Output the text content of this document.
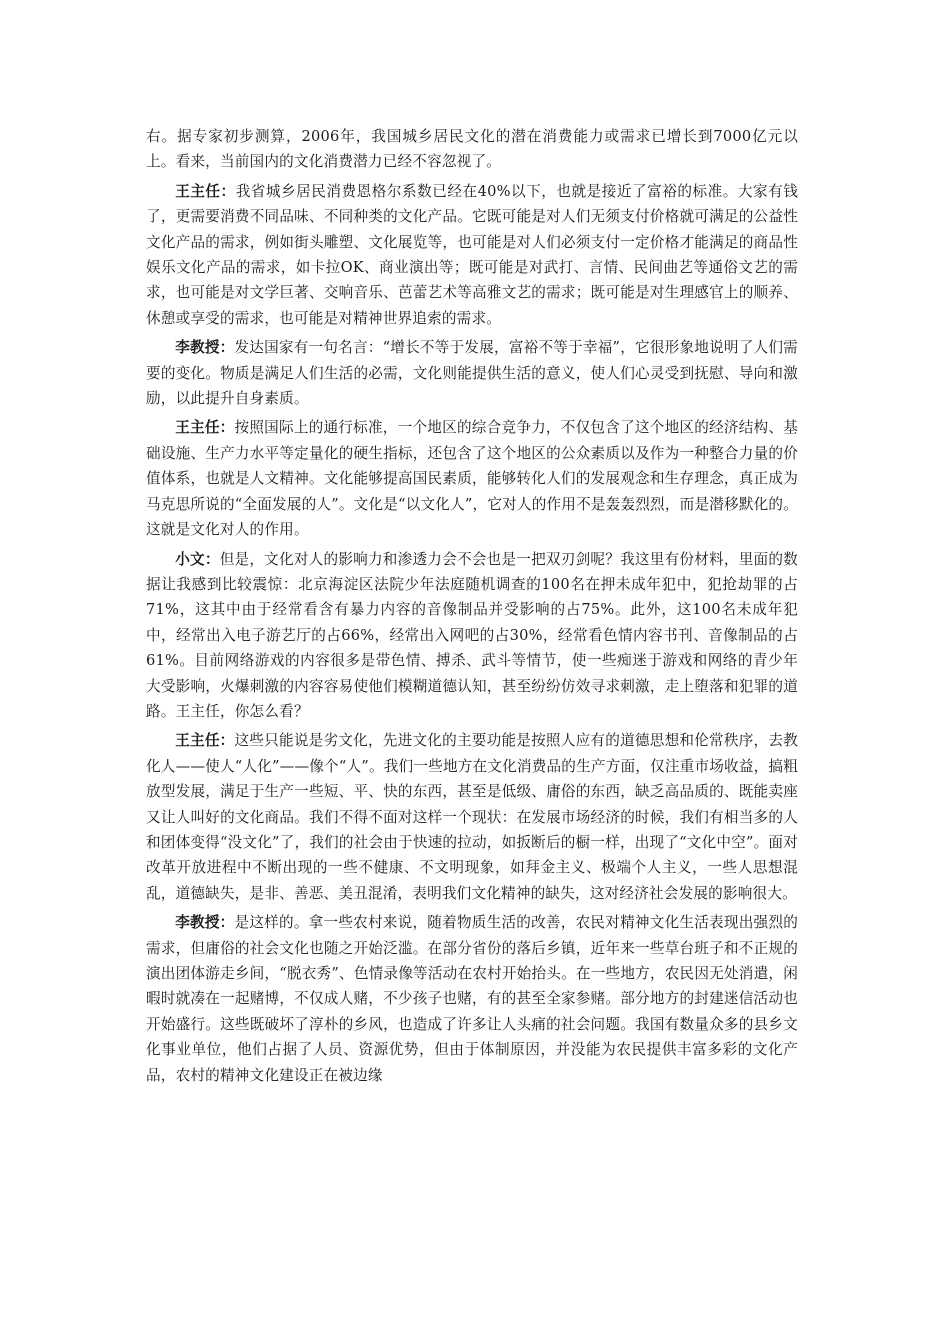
右。据专家初步测算，2006年，我国城乡居民文化的潜在消费能力或需求已增长到7000亿元以上。看来，当前国内的文化消费潜力已经不容忽视了。

王主任：我省城乡居民消费恩格尔系数已经在40%以下，也就是接近了富裕的标准。大家有钱了，更需要消费不同品味、不同种类的文化产品。它既可能是对人们无须支付价格就可满足的公益性文化产品的需求，例如街头雕塑、文化展览等，也可能是对人们必须支付一定价格才能满足的商品性娱乐文化产品的需求，如卡拉OK、商业演出等；既可能是对武打、言情、民间曲艺等通俗文艺的需求，也可能是对文学巨著、交响音乐、芭蕾艺术等高雅文艺的需求；既可能是对生理感官上的顺养、休憩或享受的需求，也可能是对精神世界追索的需求。

李教授：发达国家有一句名言：“增长不等于发展，富裕不等于幸福”，它很形象地说明了人们需要的变化。物质是满足人们生活的必需，文化则能提供生活的意义，使人们心灵受到抚慰、导向和激励，以此提升自身素质。

王主任：按照国际上的通行标准，一个地区的综合竞争力，不仅包含了这个地区的经济结构、基础设施、生产力水平等定量化的硬生指标，还包含了这个地区的公众素质以及作为一种整合力量的价值体系，也就是人文精神。文化能够提高国民素质，能够转化人们的发展观念和生存理念，真正成为马克思所说的“全面发展的人”。文化是“以文化人”，它对人的作用不是轰轰烈烈，而是潜移默化的。这就是文化对人的作用。

小文：但是，文化对人的影响力和渗透力会不会也是一把双刃剑呢？我这里有份材料，里面的数据让我感到比较震惊：北京海淀区法院少年法庭随机调查的100名在押未成年犯中，犯抢劫罪的占71%，这其中由于经常看含有暴力内容的音像制品并受影响的占75%。此外，这100名未成年犯中，经常出入电子游艺厅的占66%，经常出入网吧的占30%，经常看色情内容书刊、音像制品的占61%。目前网络游戏的内容很多是带色情、搏杀、武斗等情节，使一些痴迷于游戏和网络的青少年大受影响，火爆刺激的内容容易使他们模糊道德认知，甚至纷纷仿效寻求刺激，走上堕落和犯罪的道路。王主任，你怎么看？

王主任：这些只能说是劣文化，先进文化的主要功能是按照人应有的道德思想和伦常秩序，去教化人——使人“人化”——像个“人”。我们一些地方在文化消费品的生产方面，仅注重市场收益，搞粗放型发展，满足于生产一些短、平、快的东西，甚至是低级、庸俗的东西，缺乏高品质的、既能卖座又让人叫好的文化商品。我们不得不面对这样一个现状：在发展市场经济的时候，我们有相当多的人和团体变得“没文化”了，我们的社会由于快速的拉动，如扳断后的橱一样，出现了“文化中空”。面对改革开放进程中不断出现的一些不健康、不文明现象，如拜金主义、极端个人主义，一些人思想混乱，道德缺失，是非、善恶、美丑混淆，表明我们文化精神的缺失，这对经济社会发展的影响很大。

李教授：是这样的。拿一些农村来说，随着物质生活的改善，农民对精神文化生活表现出强烈的需求，但庸俗的社会文化也随之开始泛滥。在部分省份的落后乡镇，近年来一些草台班子和不正规的演出团体游走乡间，“脱衣秀”、色情录像等活动在农村开始抬头。在一些地方，农民因无处消遣，闲暇时就凑在一起赌博，不仅成人赌，不少孩子也赌，有的甚至全家参赌。部分地方的封建迷信活动也开始盛行。这些既破坏了淳朴的乡风，也造成了许多让人头痛的社会问题。我国有数量众多的县乡文化事业单位，他们占据了人员、资源优势，但由于体制原因，并没能为农民提供丰富多彩的文化产品，农村的精神文化建设正在被边缘
